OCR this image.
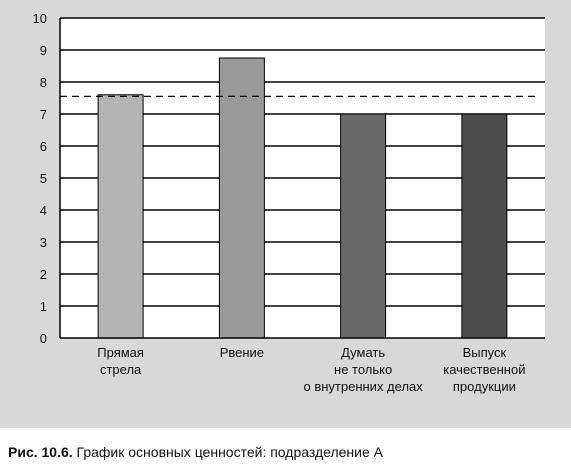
0
1
2
3
4
5
6
7
8
9
10
Прямая стрела
Рвение	Думать не только о внутренних делах
Выпуск качественной продукции
Рис. 10.6. График основных ценностей: подразделение А
